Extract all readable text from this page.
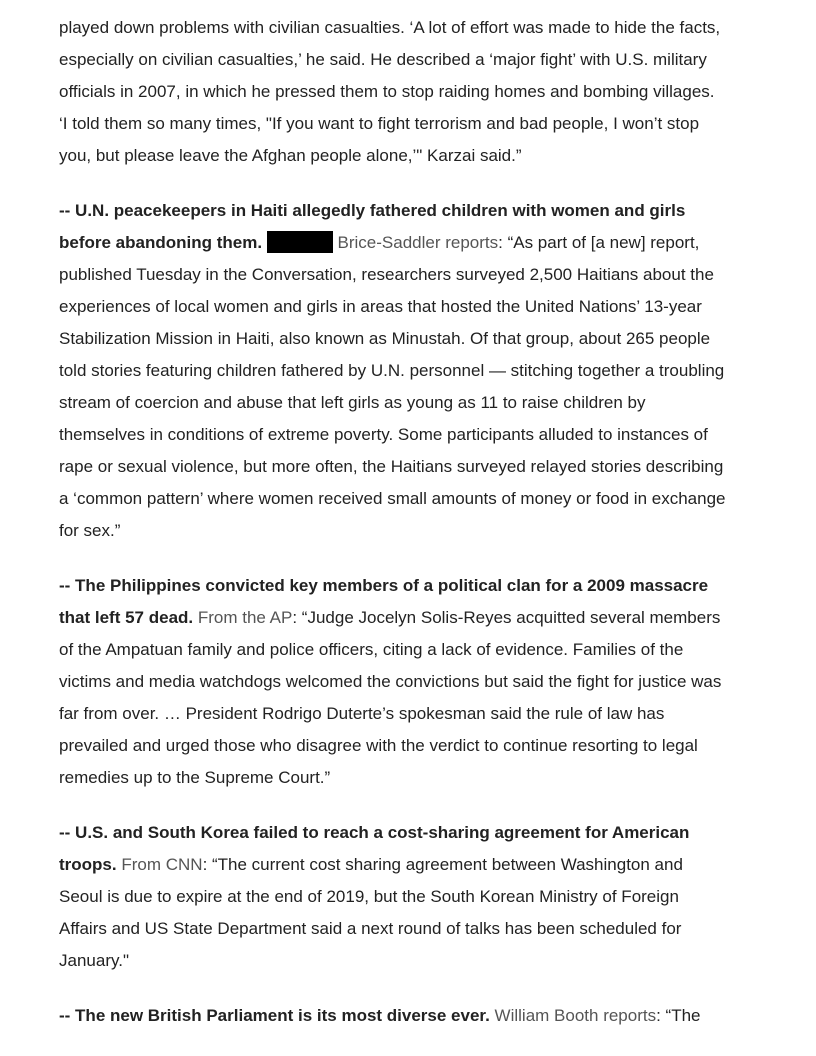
played down problems with civilian casualties. ‘A lot of effort was made to hide the facts,
especially on civilian casualties,’ he said. He described a ‘major fight’ with U.S. military
officials in 2007, in which he pressed them to stop raiding homes and bombing villages.
‘I told them so many times, "If you want to fight terrorism and bad people, I won’t stop
you, but please leave the Afghan people alone,’" Karzai said.”
-- U.N. peacekeepers in Haiti allegedly fathered children with women and girls
before abandoning them.	Brice-Saddler reports: “As part of [a new] report,
published Tuesday in the Conversation, researchers surveyed 2,500 Haitians about the
experiences of local women and girls in areas that hosted the United Nations’ 13-year
Stabilization Mission in Haiti, also known as Minustah. Of that group, about 265 people
told stories featuring children fathered by U.N. personnel — stitching together a troubling
stream of coercion and abuse that left girls as young as 11 to raise children by
themselves in conditions of extreme poverty. Some participants alluded to instances of
rape or sexual violence, but more often, the Haitians surveyed relayed stories describing
a ‘common pattern’ where women received small amounts of money or food in exchange
for sex.”
-- The Philippines convicted key members of a political clan for a 2009 massacre
that left 57 dead. From the AP: “Judge Jocelyn Solis-Reyes acquitted several members
of the Ampatuan family and police officers, citing a lack of evidence. Families of the
victims and media watchdogs welcomed the convictions but said the fight for justice was
far from over. … President Rodrigo Duterte’s spokesman said the rule of law has
prevailed and urged those who disagree with the verdict to continue resorting to legal
remedies up to the Supreme Court.”
-- U.S. and South Korea failed to reach a cost-sharing agreement for American
troops. From CNN: “The current cost sharing agreement between Washington and
Seoul is due to expire at the end of 2019, but the South Korean Ministry of Foreign
Affairs and US State Department said a next round of talks has been scheduled for
January."
-- The new British Parliament is its most diverse ever. William Booth reports: “The
